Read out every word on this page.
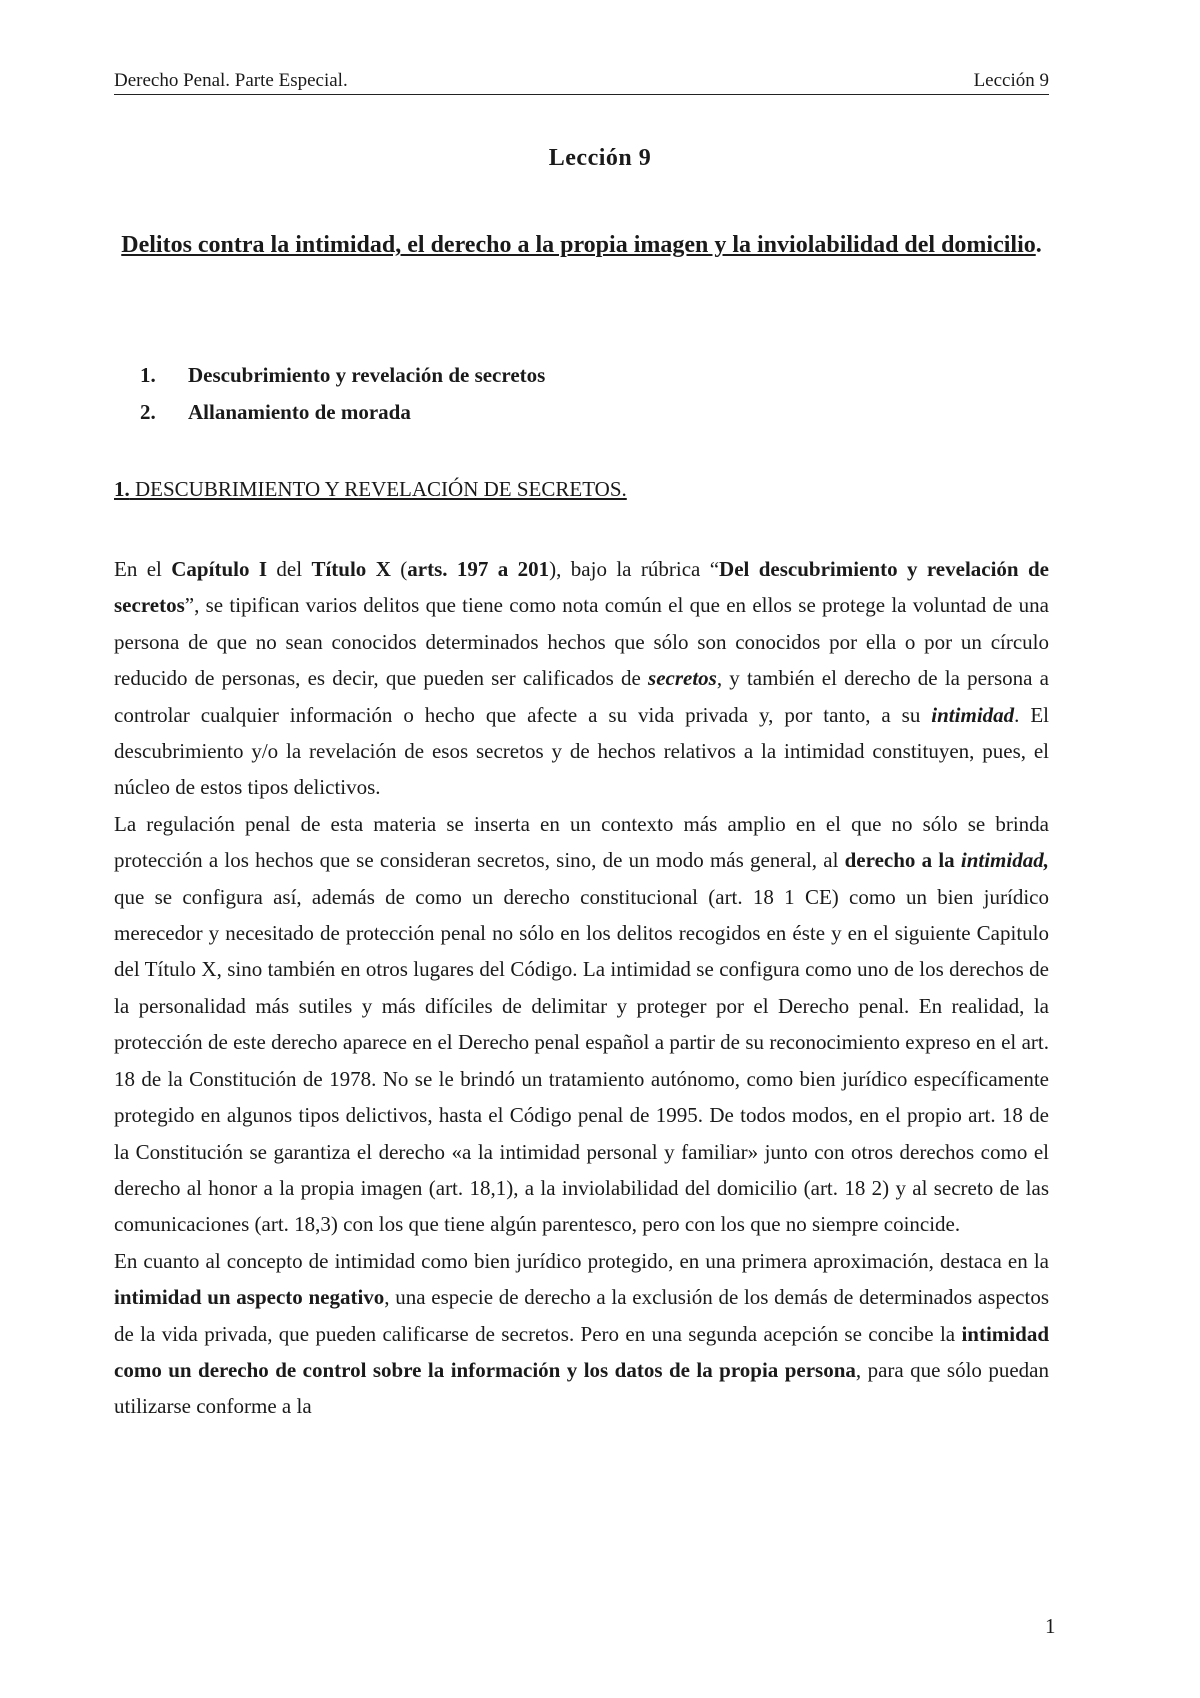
Derecho Penal. Parte Especial.	Lección 9
Lección 9
Delitos contra la intimidad, el derecho a la propia imagen y la inviolabilidad del domicilio.
1. Descubrimiento y revelación de secretos
2. Allanamiento de morada
1. DESCUBRIMIENTO Y REVELACIÓN DE SECRETOS.

En el Capítulo I del Título X (arts. 197 a 201), bajo la rúbrica “Del descubrimiento y revelación de secretos”, se tipifican varios delitos que tiene como nota común el que en ellos se protege la voluntad de una persona de que no sean conocidos determinados hechos que sólo son conocidos por ella o por un círculo reducido de personas, es decir, que pueden ser calificados de secretos, y también el derecho de la persona a controlar cualquier información o hecho que afecte a su vida privada y, por tanto, a su intimidad. El descubrimiento y/o la revelación de esos secretos y de hechos relativos a la intimidad constituyen, pues, el núcleo de estos tipos delictivos.

La regulación penal de esta materia se inserta en un contexto más amplio en el que no sólo se brinda protección a los hechos que se consideran secretos, sino, de un modo más general, al derecho a la intimidad, que se configura así, además de como un derecho constitucional (art. 18 1 CE) como un bien jurídico merecedor y necesitado de protección penal no sólo en los delitos recogidos en éste y en el siguiente Capitulo del Título X, sino también en otros lugares del Código. La intimidad se configura como uno de los derechos de la personalidad más sutiles y más difíciles de delimitar y proteger por el Derecho penal. En realidad, la protección de este derecho aparece en el Derecho penal español a partir de su reconocimiento expreso en el art. 18 de la Constitución de 1978. No se le brindó un tratamiento autónomo, como bien jurídico específicamente protegido en algunos tipos delictivos, hasta el Código penal de 1995. De todos modos, en el propio art. 18 de la Constitución se garantiza el derecho «a la intimidad personal y familiar» junto con otros derechos como el derecho al honor a la propia imagen (art. 18,1), a la inviolabilidad del domicilio (art. 18 2) y al secreto de las comunicaciones (art. 18,3) con los que tiene algún parentesco, pero con los que no siempre coincide.

En cuanto al concepto de intimidad como bien jurídico protegido, en una primera aproximación, destaca en la intimidad un aspecto negativo, una especie de derecho a la exclusión de los demás de determinados aspectos de la vida privada, que pueden calificarse de secretos. Pero en una segunda acepción se concibe la intimidad como un derecho de control sobre la información y los datos de la propia persona, para que sólo puedan utilizarse conforme a la

1
